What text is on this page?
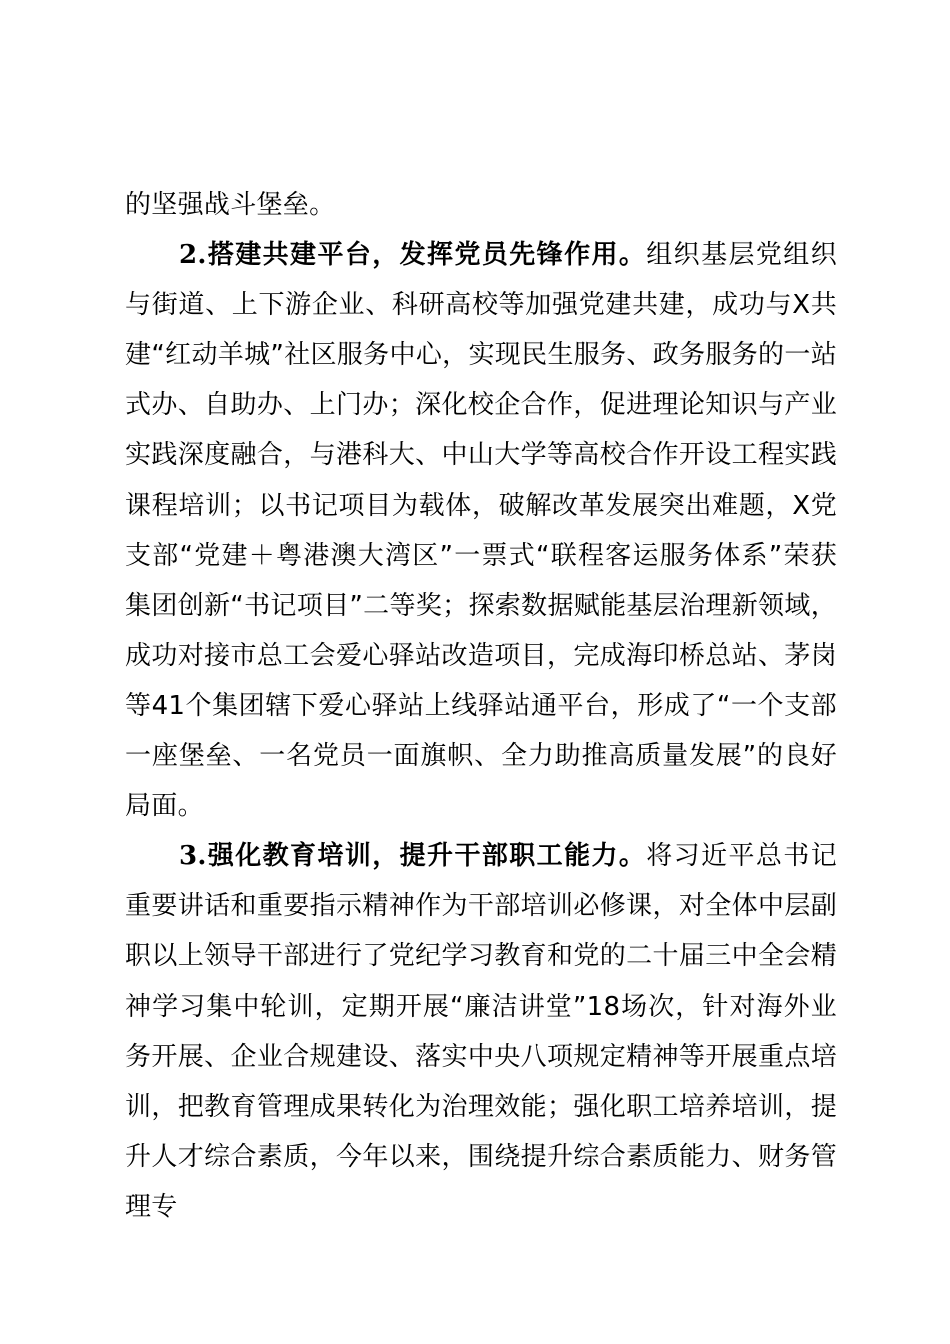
的坚强战斗堡垒。

2.搭建共建平台，发挥党员先锋作用。组织基层党组织与街道、上下游企业、科研高校等加强党建共建，成功与X共建“红动羊城”社区服务中心，实现民生服务、政务服务的一站式办、自助办、上门办；深化校企合作，促进理论知识与产业实践深度融合，与港科大、中山大学等高校合作开设工程实践课程培训；以书记项目为载体，破解改革发展突出难题，X党支部“党建＋粤港澳大湾区”一票式“联程客运服务体系”荣获集团创新“书记项目”二等奖；探索数据赋能基层治理新领域，成功对接市总工会爱心驿站改造项目，完成海印桥总站、茅岗等41个集团辖下爱心驿站上线驿站通平台，形成了“一个支部一座堡垒、一名党员一面旗帜、全力助推高质量发展”的良好局面。

3.强化教育培训，提升干部职工能力。将习近平总书记重要讲话和重要指示精神作为干部培训必修课，对全体中层副职以上领导干部进行了党纪学习教育和党的二十届三中全会精神学习集中轮训，定期开展“廉洁讲堂”18场次，针对海外业务开展、企业合规建设、落实中央八项规定精神等开展重点培训，把教育管理成果转化为治理效能；强化职工培养培训，提升人才综合素质，今年以来，围绕提升综合素质能力、财务管理专
